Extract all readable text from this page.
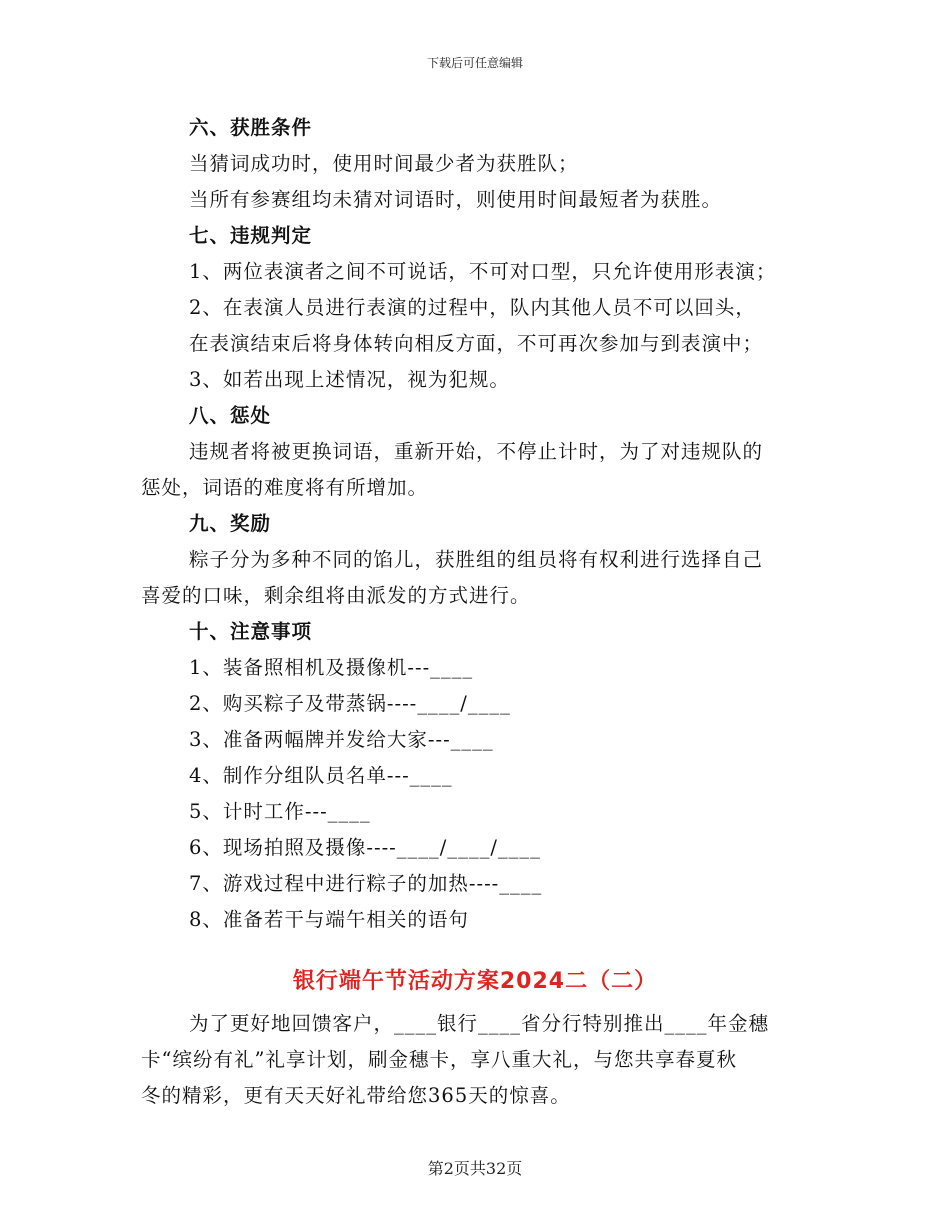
下载后可任意编辑
六、获胜条件
当猜词成功时，使用时间最少者为获胜队；
当所有参赛组均未猜对词语时，则使用时间最短者为获胜。
七、违规判定
1、两位表演者之间不可说话，不可对口型，只允许使用形表演；
2、在表演人员进行表演的过程中，队内其他人员不可以回头，
在表演结束后将身体转向相反方面，不可再次参加与到表演中；
3、如若出现上述情况，视为犯规。
八、惩处
违规者将被更换词语，重新开始，不停止计时，为了对违规队的
惩处，词语的难度将有所增加。
九、奖励
粽子分为多种不同的馅儿，获胜组的组员将有权利进行选择自己
喜爱的口味，剩余组将由派发的方式进行。
十、注意事项
1、装备照相机及摄像机---____
2、购买粽子及带蒸锅----____/____
3、准备两幅牌并发给大家---____
4、制作分组队员名单---____
5、计时工作---____
6、现场拍照及摄像----____/____/____
7、游戏过程中进行粽子的加热----____
8、准备若干与端午相关的语句
银行端午节活动方案2024二（二）
为了更好地回馈客户，____银行____省分行特别推出____年金穗
卡“缤纷有礼”礼享计划，刷金穗卡，享八重大礼，与您共享春夏秋
冬的精彩，更有天天好礼带给您365天的惊喜。
第2页共32页
